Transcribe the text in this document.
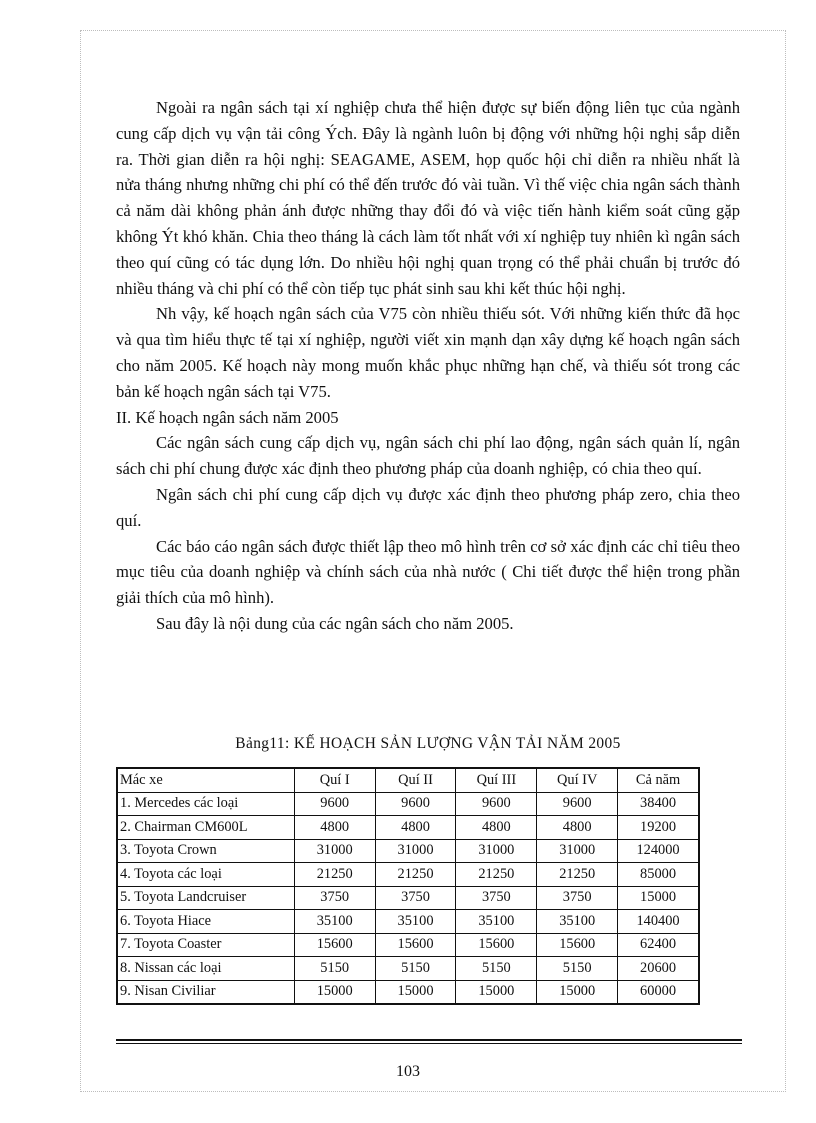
Ngoài ra ngân sách tại xí nghiệp chưa thể hiện được sự biến động liên tục của ngành cung cấp dịch vụ vận tải công Ých. Đây là ngành luôn bị động với những hội nghị sắp diễn ra. Thời gian diễn ra hội nghị: SEAGAME, ASEM, họp quốc hội chỉ diễn ra nhiều nhất là nửa tháng nhưng những chi phí có thể đến trước đó vài tuần. Vì thế việc chia ngân sách thành cả năm dài không phản ánh được những thay đổi đó và việc tiến hành kiểm soát cũng gặp không Ýt khó khăn. Chia theo tháng là cách làm tốt nhất với xí nghiệp tuy nhiên kì ngân sách theo quí cũng có tác dụng lớn. Do nhiều hội nghị quan trọng có thể phải chuẩn bị trước đó nhiều tháng và chi phí có thể còn tiếp tục phát sinh sau khi kết thúc hội nghị.

Nh vậy, kế hoạch ngân sách của V75 còn nhiều thiếu sót. Với những kiến thức đã học và qua tìm hiểu thực tế tại xí nghiệp, người viết xin mạnh dạn xây dựng kế hoạch ngân sách cho năm 2005. Kế hoạch này mong muốn khắc phục những hạn chế, và thiếu sót trong các bản kế hoạch ngân sách tại V75.

II. Kế hoạch ngân sách năm 2005

Các ngân sách cung cấp dịch vụ, ngân sách chi phí lao động, ngân sách quản lí, ngân sách chi phí chung được xác định theo phương pháp của doanh nghiệp, có chia theo quí.

Ngân sách chi phí cung cấp dịch vụ được xác định theo phương pháp zero, chia theo quí.

Các báo cáo ngân sách được thiết lập theo mô hình trên cơ sở xác định các chỉ tiêu theo mục tiêu của doanh nghiệp và chính sách của nhà nước ( Chi tiết được thể hiện trong phần giải thích của mô hình).

Sau đây là nội dung của các ngân sách cho năm 2005.

Bảng11: KẾ HOẠCH SẢN LƯỢNG VẬN TẢI NĂM 2005
Mác xe	Quí I	Quí II	Quí III	Quí IV	Cả năm
1. Mercedes các loại	9600	9600	9600	9600	38400
2. Chairman CM600L	4800	4800	4800	4800	19200
3. Toyota Crown	31000	31000	31000	31000	124000
4. Toyota các loại	21250	21250	21250	21250	85000
5. Toyota Landcruiser	3750	3750	3750	3750	15000
6. Toyota Hiace	35100	35100	35100	35100	140400
7. Toyota Coaster	15600	15600	15600	15600	62400
8. Nissan các loại	5150	5150	5150	5150	20600
9. Nisan Civiliar	15000	15000	15000	15000	60000
103
